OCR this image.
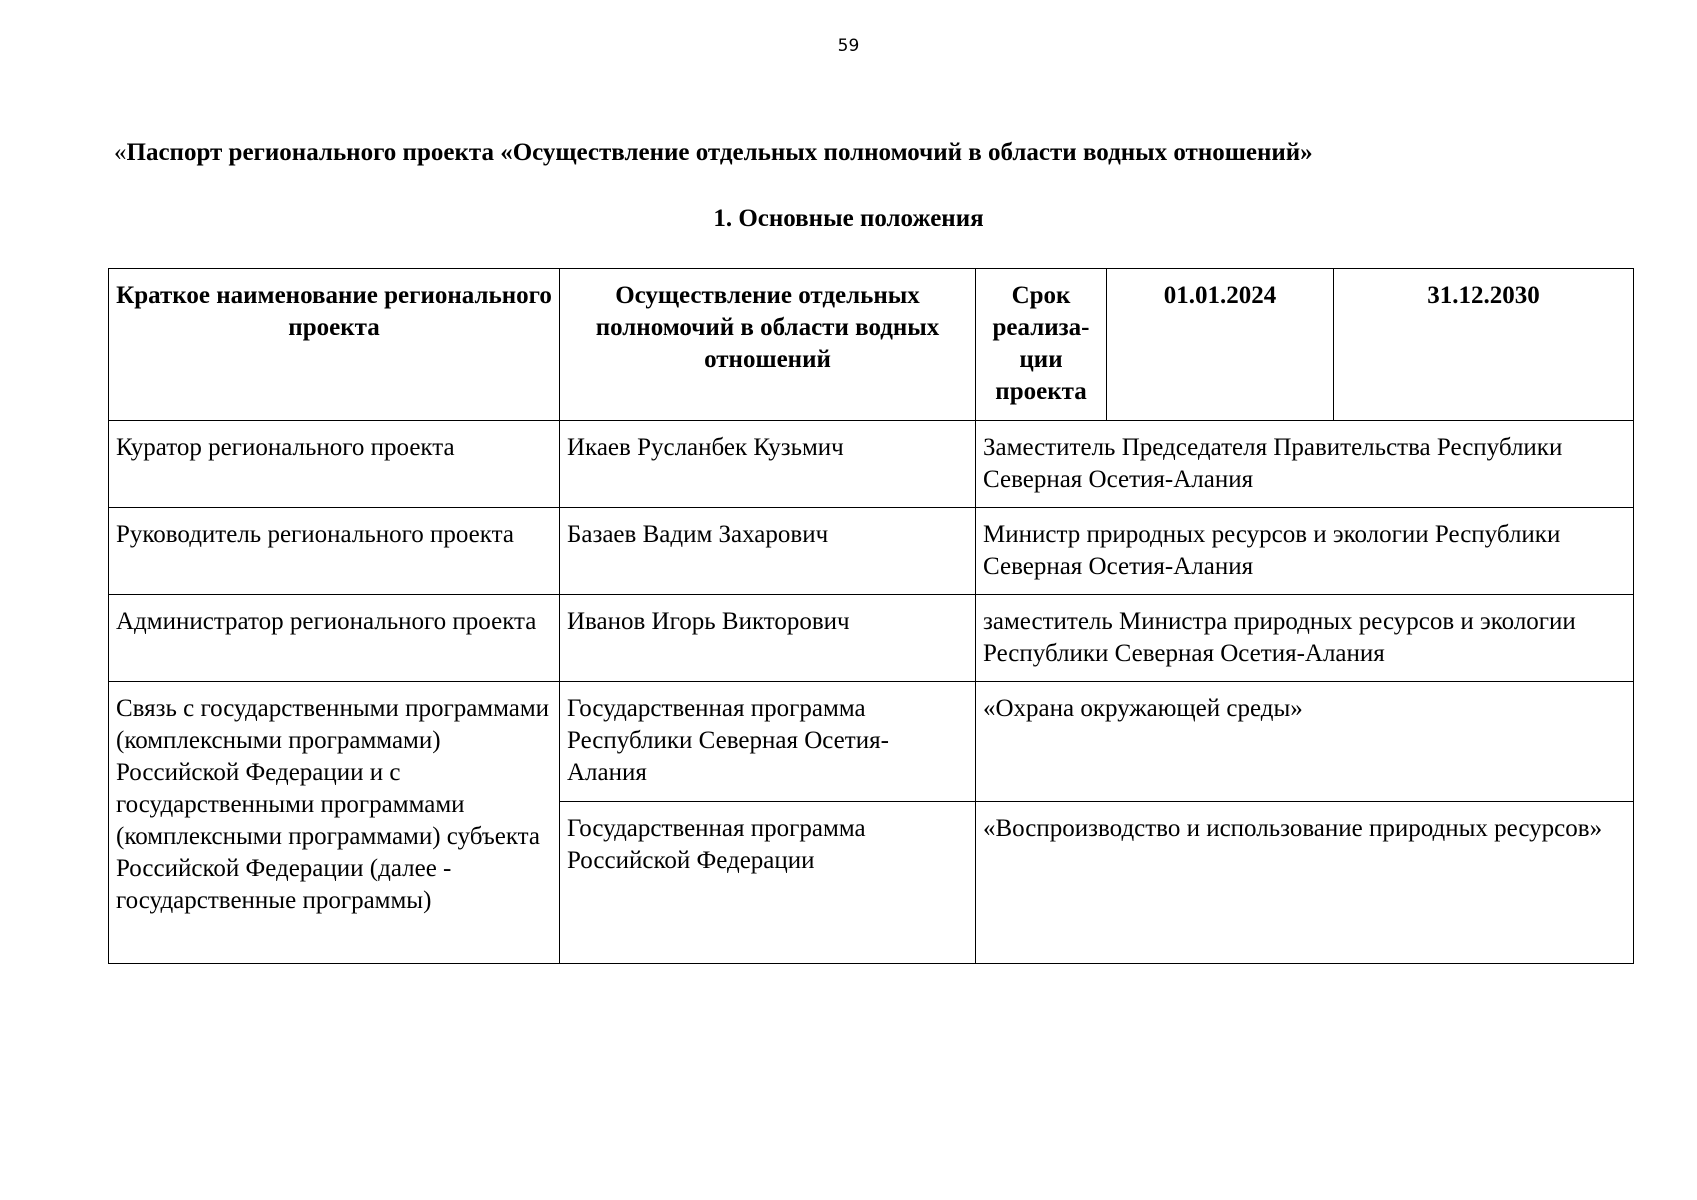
59
«Паспорт регионального проекта «Осуществление отдельных полномочий в области водных отношений»
1. Основные положения
Краткое наименование регионального проекта	Осуществление отдельных полномочий в области водных отношений	Срок реализа-ции проекта	01.01.2024	31.12.2030
Куратор регионального проекта	Икаев Русланбек Кузьмич	Заместитель Председателя Правительства Республики Северная Осетия-Алания		
Руководитель регионального проекта	Базаев Вадим Захарович	Министр природных ресурсов и экологии Республики Северная Осетия-Алания		
Администратор регионального проекта	Иванов Игорь Викторович	заместитель Министра природных ресурсов и экологии Республики Северная Осетия-Алания		
Связь с государственными программами (комплексными программами) Российской Федерации и с государственными программами (комплексными программами) субъекта Российской Федерации (далее - государственные программы)	Государственная программа Республики Северная Осетия-Алания	«Охрана окружающей среды»		
	Государственная программа Российской Федерации	«Воспроизводство и использование природных ресурсов»		
